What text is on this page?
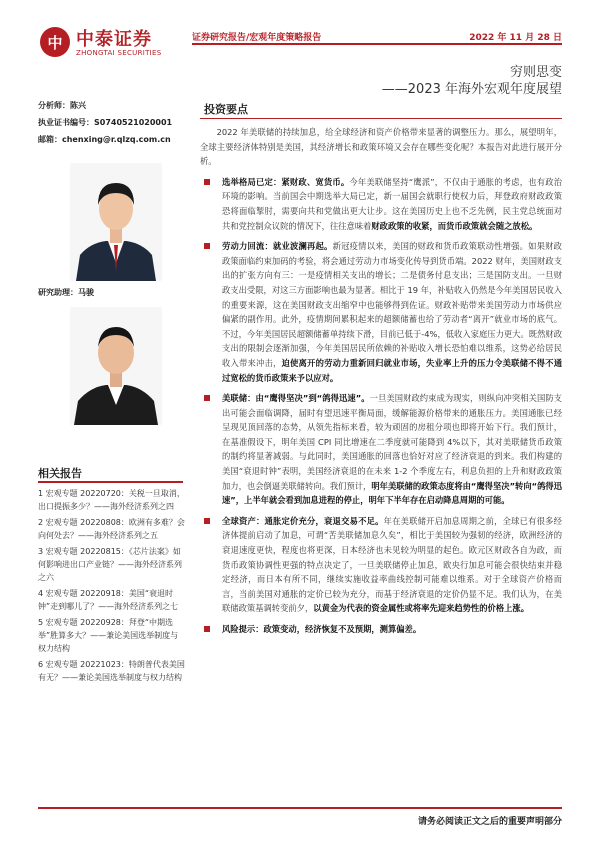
中 中泰证券
ZHONGTAI SECURITIES
证券研究报告/宏观年度策略报告	2022 年 11 月 28 日
穷则思变
——2023 年海外宏观年度展望
分析师：陈兴
执业证书编号：S0740521020001
邮箱：chenxing@r.qlzq.com.cn
研究助理：马骏
相关报告
1 宏观专题 20220720：关税一旦取消，出口提振多少？——海外经济系列之四
2 宏观专题 20220808：欧洲有多难？会向何处去？——海外经济系列之五
3 宏观专题 20220815：《芯片法案》如何影响进出口产业链？——海外经济系列之六
4 宏观专题 20220918：美国“衰退时钟”走到哪儿了？——海外经济系列之七
5 宏观专题 20220928：拜登“中期选举”胜算多大？——兼论美国选举制度与权力结构
6 宏观专题 20221023：特朗普代表美国有无？——兼论美国选举制度与权力结构
投资要点

2022 年美联储的持续加息，给全球经济和资产价格带来显著的调整压力。那么，展望明年，全球主要经济体特别是美国，其经济增长和政策环境又会存在哪些变化呢？本报告对此进行展开分析。

选举格局已定：紧财政、宽货币。今年美联储坚持“鹰派”，不仅由于通胀的考虑，也有政治环境的影响。当前国会中期选举大局已定，新一届国会就职行使权力后，拜登政府财政政策恐将面临掣肘，需要向共和党做出更大让步。这在美国历史上也不乏先例，民主党总统面对共和党控制众议院的情况下，往往意味着财政政策的收紧，而货币政策就会随之放松。

劳动力回流：就业波澜再起。新冠疫情以来，美国的财政和货币政策联动性增强。如果财政政策面临约束加码的考验，将会通过劳动力市场变化传导到货币端。2022 财年，美国财政支出的扩张方向有三：一是疫情相关支出的增长；二是债务付息支出；三是国防支出。一旦财政支出受限，对这三方面影响也最为显著。相比于 19 年，补贴收入仍然是今年美国居民收入的重要来源，这在美国财政支出缩窄中也能够得到佐证。财政补贴带来美国劳动力市场供应偏紧的副作用。此外，疫情期间累积起来的超额储蓄也给了劳动者“离开”就业市场的底气。不过，今年美国居民超额储蓄单持续下滑，目前已低于-4%，低收入家庭压力更大。既然财政支出的限制会逐渐加强，今年美国居民所依赖的补贴收入增长恐怕难以维系，这势必给居民收入带来冲击，迫使离开的劳动力重新回归就业市场，失业率上升的压力令美联储不得不通过宽松的货币政策来予以应对。

美联储：由“鹰得坚决”到“鸽得迅速”。一旦美国财政约束成为现实，则纵向冲突相关国防支出可能会面临调降，届时有望迅速平衡局面，缓解能源价格带来的通胀压力。美国通胀已经呈现见顶回落的态势，从领先指标来看，较为顽固的房租分项也即将开始下行。我们预计，在基准假设下，明年美国 CPI 同比增速在二季度就可能降到 4%以下，其对美联储货币政策的制约将显著减弱。与此同时，美国通胀的回落也恰好对应了经济衰退的到来。我们构建的美国“衰退时钟”表明，美国经济衰退的在未来 1-2 个季度左右，利息负担的上升和财政政策加力，也会倒逼美联储转向。我们预计，明年美联储的政策态度将由“鹰得坚决”转向“鸽得迅速”，上半年就会看到加息进程的停止，明年下半年存在启动降息周期的可能。

全球资产：通胀定价充分，衰退交易不足。年在美联储开启加息周期之前，全球已有很多经济体提前启动了加息，可谓“苦美联储加息久矣”，相比于美国较为强韧的经济，欧洲经济的衰退速度更快，程度也将更深，日本经济也未见较为明显的起色。欧元区财政各自为政，而货币政策协调性更强的特点决定了，一旦美联储停止加息，欧央行加息可能会很快结束并稳定经济，而日本有所不同，继续实施收益率曲线控制可能难以维系。对于全球资产价格而言，当前美国对通胀的定价已较为充分，而基于经济衰退的定价仍显不足。我们认为，在美联储政策基调转变前夕，以黄金为代表的资金属性或将率先迎来趋势性的价格上涨。

风险提示：政策变动，经济恢复不及预期，测算偏差。

请务必阅读正文之后的重要声明部分
